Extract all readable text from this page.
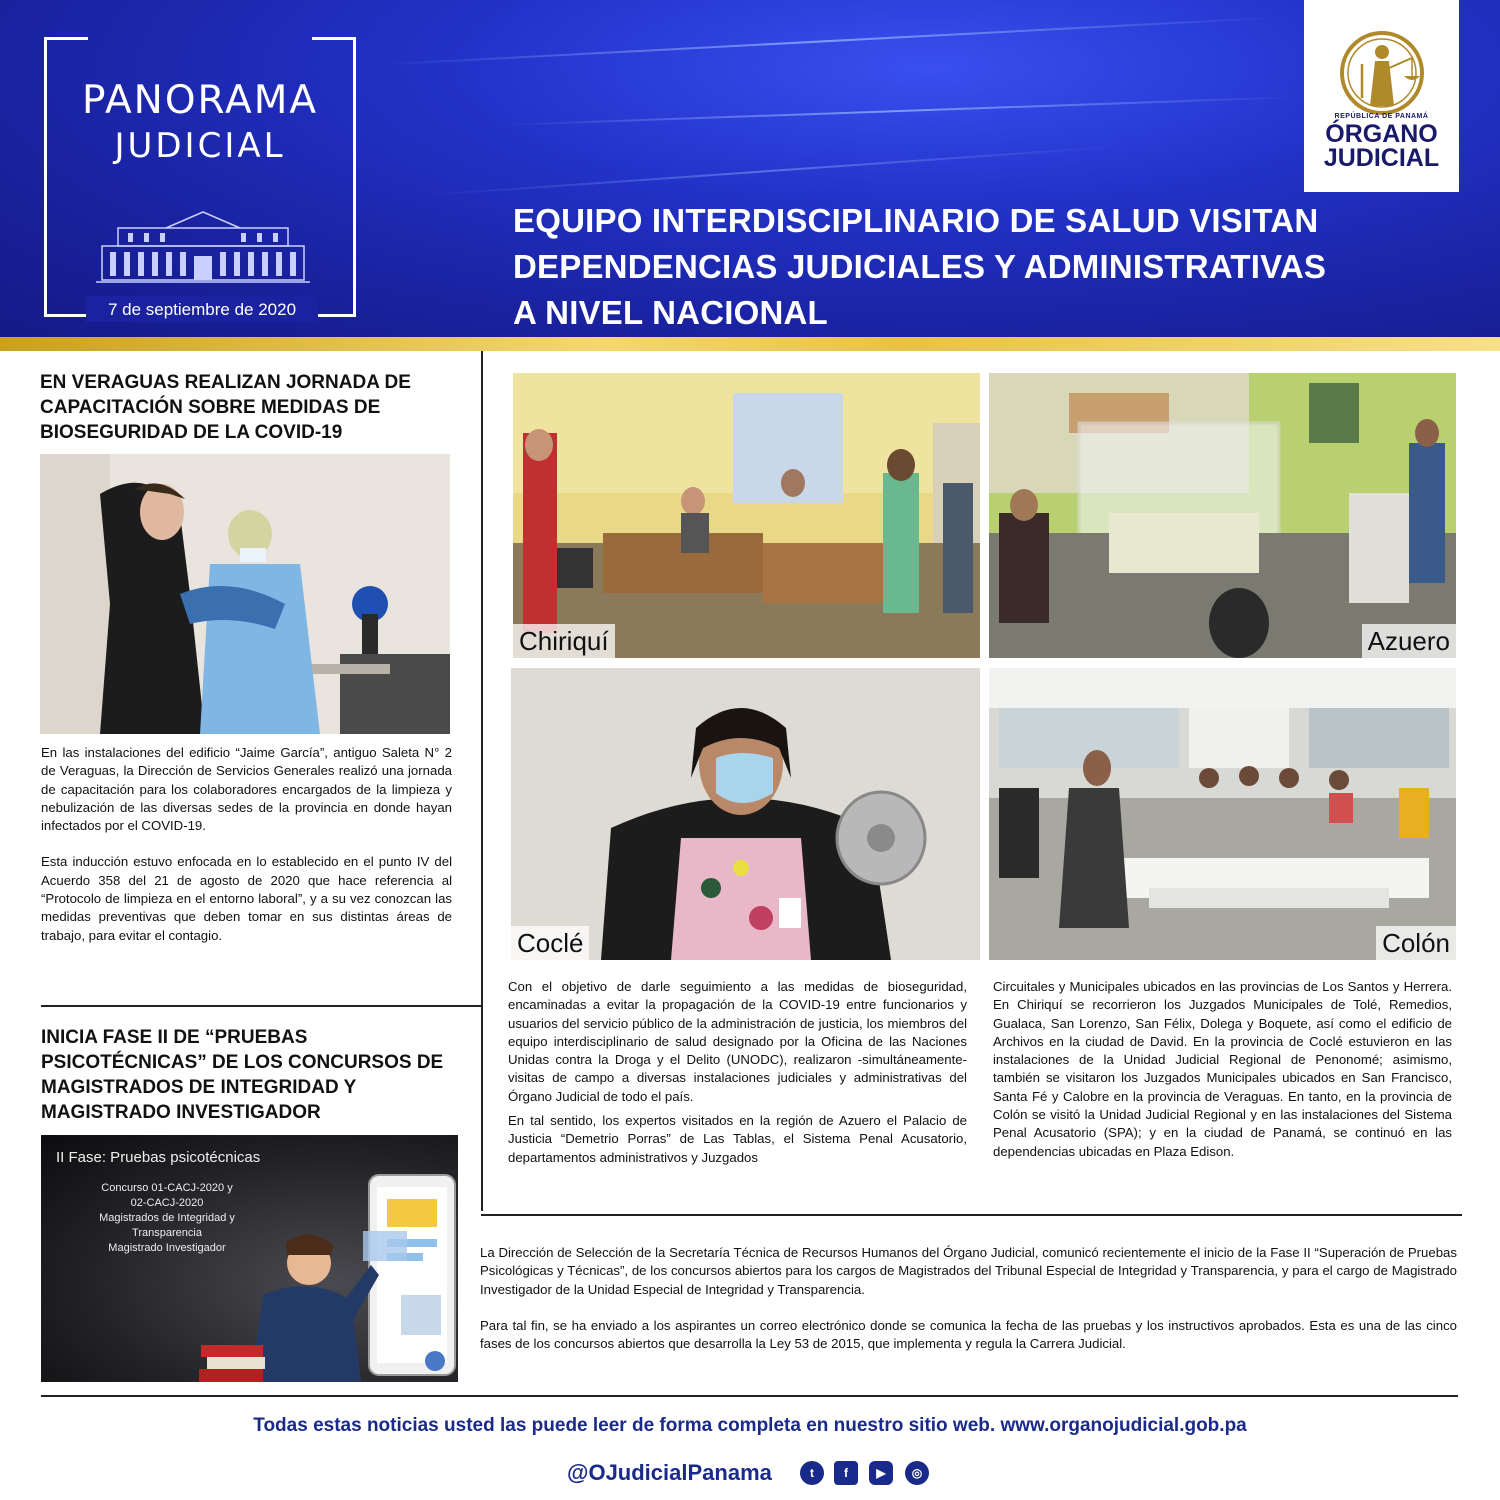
PANORAMA
JUDICIAL
7 de septiembre de 2020
REPÚBLICA DE PANAMÁ
ÓRGANO
JUDICIAL
EQUIPO INTERDISCIPLINARIO DE SALUD VISITAN
DEPENDENCIAS JUDICIALES Y ADMINISTRATIVAS
A NIVEL NACIONAL
EN VERAGUAS REALIZAN JORNADA DE
CAPACITACIÓN SOBRE MEDIDAS DE
BIOSEGURIDAD DE LA COVID-19

En las instalaciones del edificio “Jaime García”, antiguo Saleta N° 2 de Veraguas, la Dirección de Servicios Generales realizó una jornada de capacitación para los colaboradores encargados de la limpieza y nebulización de las diversas sedes de la provincia en donde hayan infectados por el COVID-19.

Esta inducción estuvo enfocada en lo establecido en el punto IV del Acuerdo 358 del 21 de agosto de 2020 que hace referencia al “Protocolo de limpieza en el entorno laboral”, y a su vez conozcan las medidas preventivas que deben tomar en sus distintas áreas de trabajo, para evitar el contagio.

INICIA FASE II DE “PRUEBAS
PSICOTÉCNICAS” DE LOS CONCURSOS DE
MAGISTRADOS DE INTEGRIDAD Y
MAGISTRADO INVESTIGADOR
II Fase: Pruebas psicotécnicas
Concurso 01-CACJ-2020 y
02-CACJ-2020
Magistrados de Integridad y
Transparencia
Magistrado Investigador
Chiriquí	Azuero
Coclé	Colón

Con el objetivo de darle seguimiento a las medidas de bioseguridad, encaminadas a evitar la propagación de la COVID-19 entre funcionarios y usuarios del servicio público de la administración de justicia, los miembros del equipo interdisciplinario de salud designado por la Oficina de las Naciones Unidas contra la Droga y el Delito (UNODC), realizaron -simultáneamente- visitas de campo a diversas instalaciones judiciales y administrativas del Órgano Judicial de todo el país.

En tal sentido, los expertos visitados en la región de Azuero el Palacio de Justicia “Demetrio Porras” de Las Tablas, el Sistema Penal Acusatorio, departamentos administrativos y Juzgados

Circuitales y Municipales ubicados en las provincias de Los Santos y Herrera. En Chiriquí se recorrieron los Juzgados Municipales de Tolé, Remedios, Gualaca, San Lorenzo, San Félix, Dolega y Boquete, así como el edificio de Archivos en la ciudad de David. En la provincia de Coclé estuvieron en las instalaciones de la Unidad Judicial Regional de Penonomé; asimismo, también se visitaron los Juzgados Municipales ubicados en San Francisco, Santa Fé y Calobre en la provincia de Veraguas. En tanto, en la provincia de Colón se visitó la Unidad Judicial Regional y en las instalaciones del Sistema Penal Acusatorio (SPA); y en la ciudad de Panamá, se continuó en las dependencias ubicadas en Plaza Edison.

La Dirección de Selección de la Secretaría Técnica de Recursos Humanos del Órgano Judicial, comunicó recientemente el inicio de la Fase II “Superación de Pruebas Psicológicas y Técnicas”, de los concursos abiertos para los cargos de Magistrados del Tribunal Especial de Integridad y Transparencia, y para el cargo de Magistrado Investigador de la Unidad Especial de Integridad y Transparencia.

Para tal fin, se ha enviado a los aspirantes un correo electrónico donde se comunica la fecha de las pruebas y los instructivos aprobados. Esta es una de las cinco fases de los concursos abiertos que desarrolla la Ley 53 de 2015, que implementa y regula la Carrera Judicial.

Todas estas noticias usted las puede leer de forma completa en nuestro sitio web. www.organojudicial.gob.pa
@OJudicialPanama	t	f	▶	◎
